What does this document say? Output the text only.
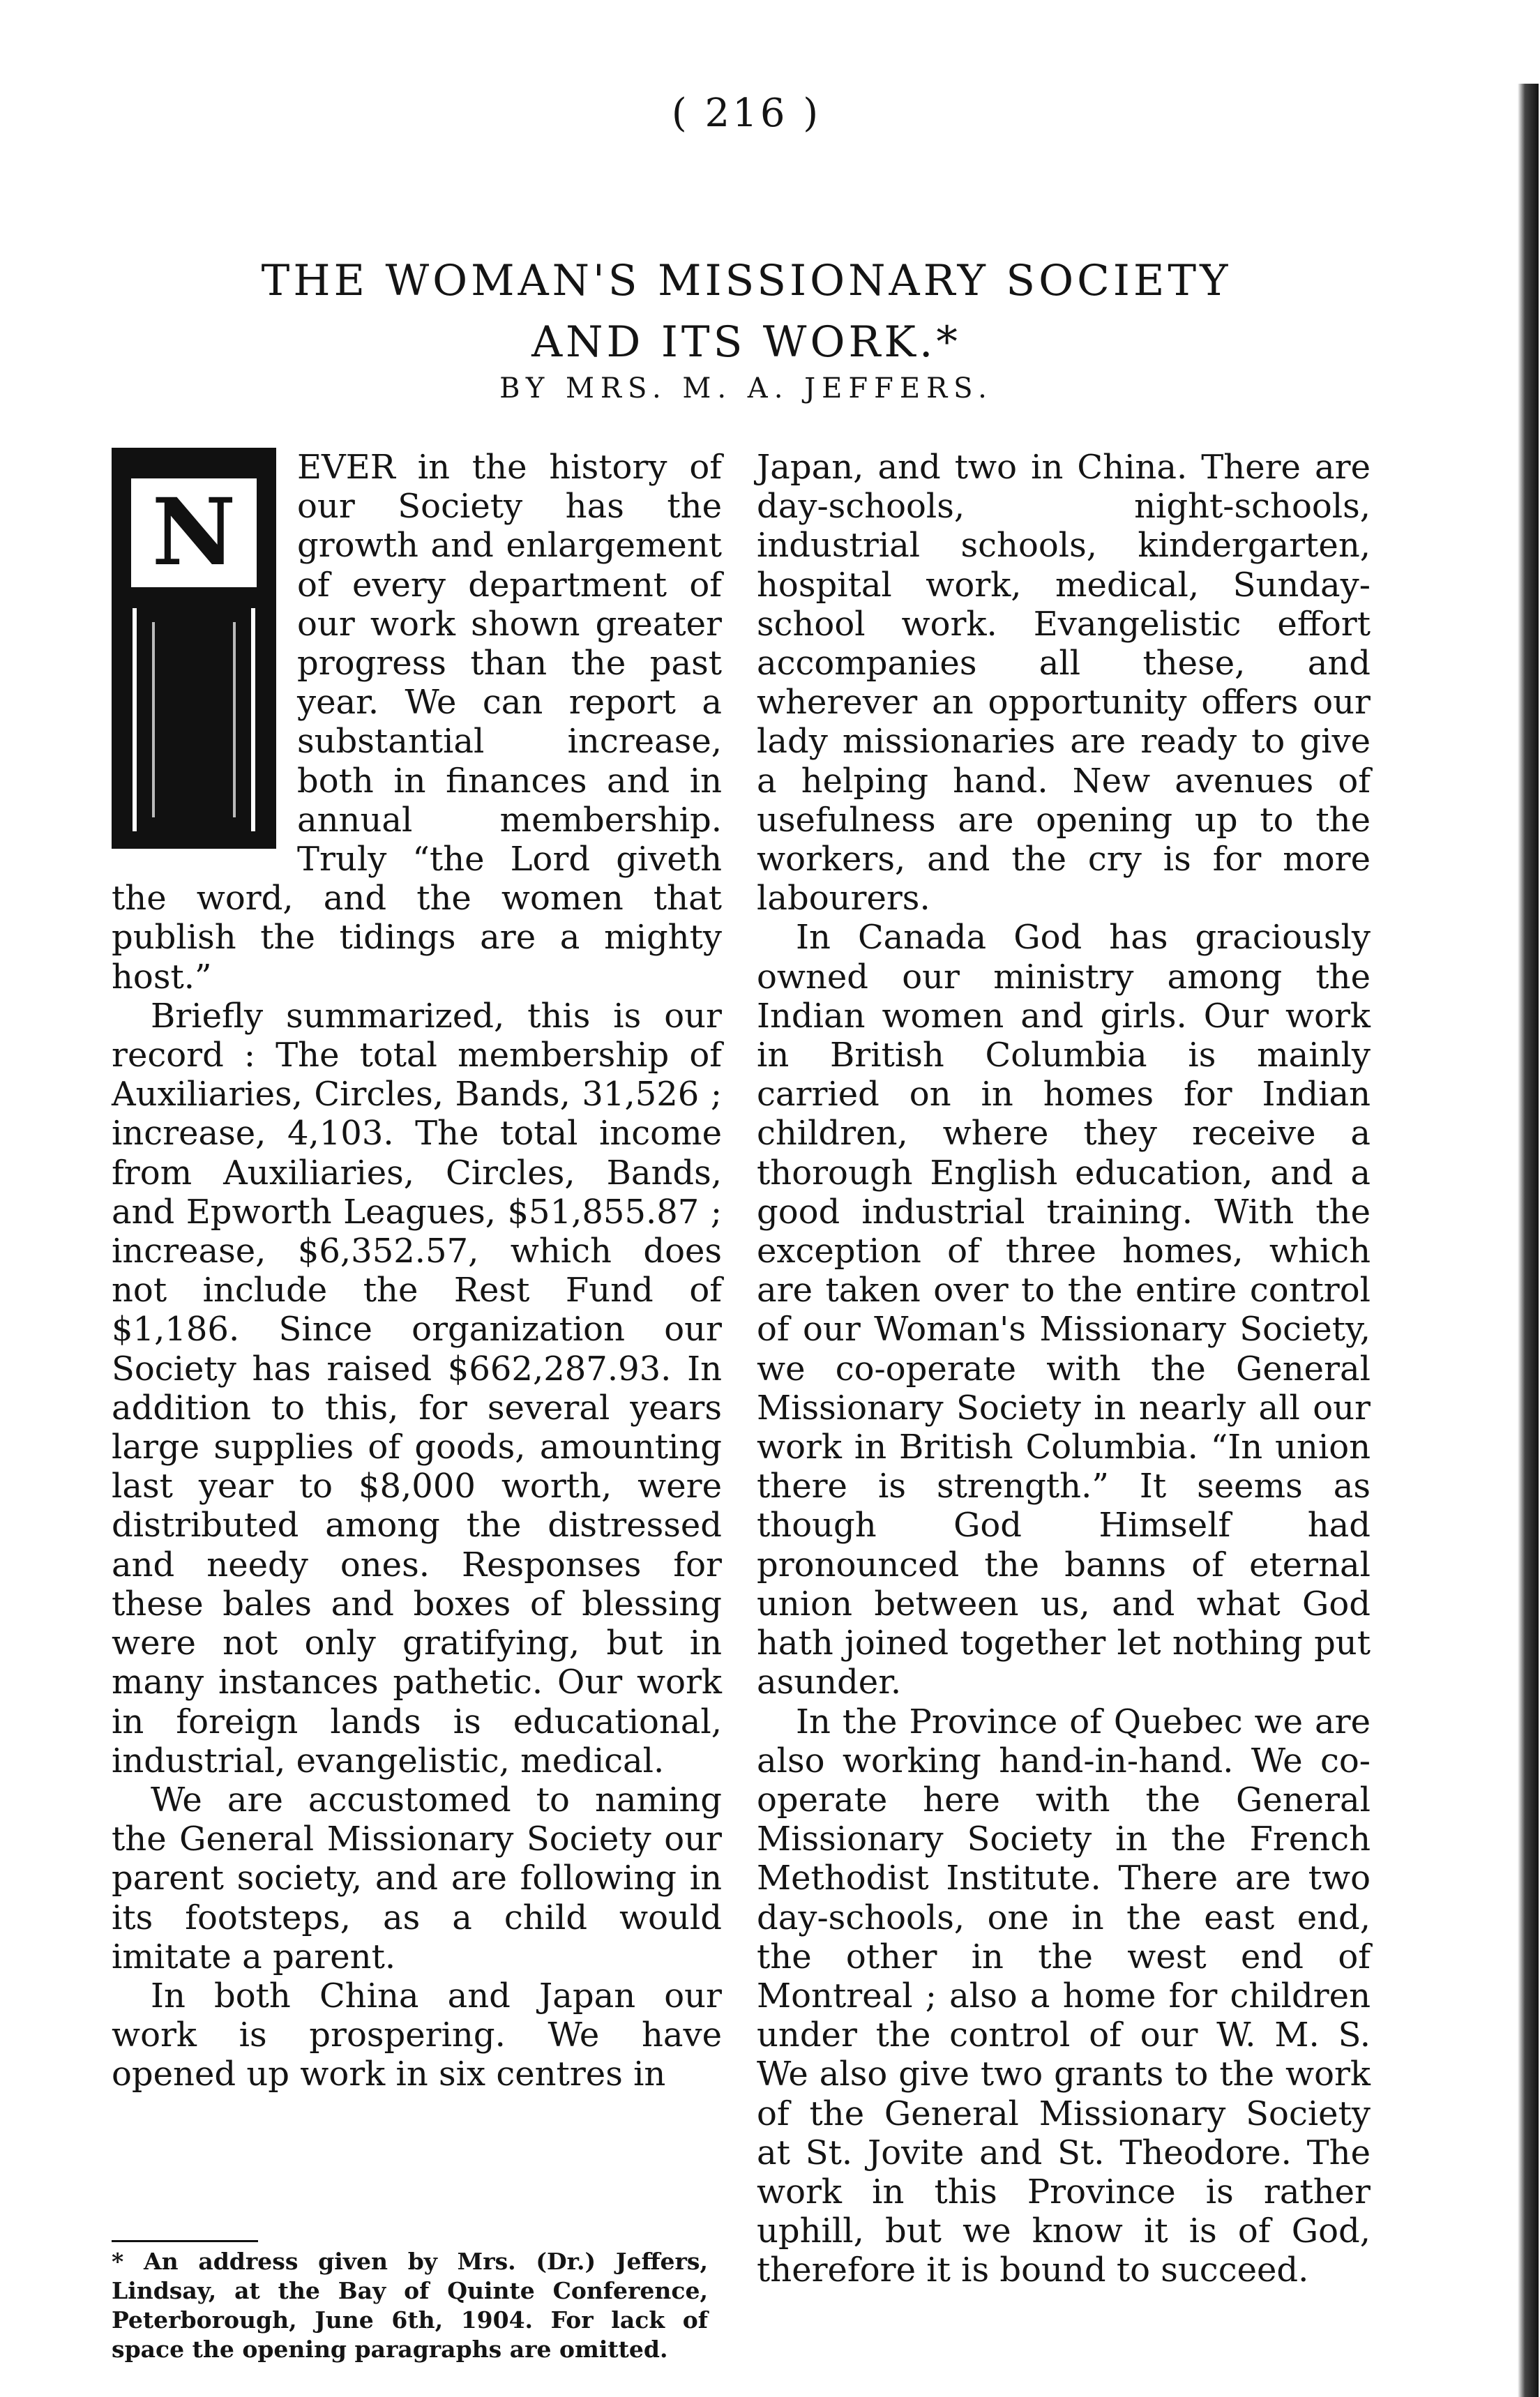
( 216 )
THE WOMAN'S MISSIONARY SOCIETY
AND ITS WORK.*
BY MRS. M. A. JEFFERS.
N

EVER in the history of our Society has the growth and enlargement of every department of our work shown greater progress than the past year. We can report a substantial increase, both in finances and in annual membership. Truly “the Lord giveth the word, and the women that publish the tidings are a mighty host.”

Briefly summarized, this is our record : The total membership of Auxiliaries, Circles, Bands, 31,526 ; increase, 4,103. The total income from Auxiliaries, Circles, Bands, and Epworth Leagues, $51,855.87 ; increase, $6,352.57, which does not include the Rest Fund of $1,186. Since organization our Society has raised $662,287.93. In addition to this, for several years large supplies of goods, amounting last year to $8,000 worth, were distributed among the distressed and needy ones. Responses for these bales and boxes of blessing were not only gratifying, but in many instances pathetic. Our work in foreign lands is educational, industrial, evangelistic, medical.

We are accustomed to naming the General Missionary Society our parent society, and are following in its footsteps, as a child would imitate a parent.

In both China and Japan our work is prospering. We have opened up work in six centres in

Japan, and two in China. There are day-schools, night-schools, industrial schools, kindergarten, hospital work, medical, Sunday-school work. Evangelistic effort accompanies all these, and wherever an opportunity offers our lady missionaries are ready to give a helping hand. New avenues of usefulness are opening up to the workers, and the cry is for more labourers.

In Canada God has graciously owned our ministry among the Indian women and girls. Our work in British Columbia is mainly carried on in homes for Indian children, where they receive a thorough English education, and a good industrial training. With the exception of three homes, which are taken over to the entire control of our Woman's Missionary Society, we co-operate with the General Missionary Society in nearly all our work in British Columbia. “In union there is strength.” It seems as though God Himself had pronounced the banns of eternal union between us, and what God hath joined together let nothing put asunder.

In the Province of Quebec we are also working hand-in-hand. We co-operate here with the General Missionary Society in the French Methodist Institute. There are two day-schools, one in the east end, the other in the west end of Montreal ; also a home for children under the control of our W. M. S. We also give two grants to the work of the General Missionary Society at St. Jovite and St. Theodore. The work in this Province is rather uphill, but we know it is of God, therefore it is bound to succeed.

* An address given by Mrs. (Dr.) Jeffers, Lindsay, at the Bay of Quinte Conference, Peterborough, June 6th, 1904. For lack of space the opening paragraphs are omitted.
